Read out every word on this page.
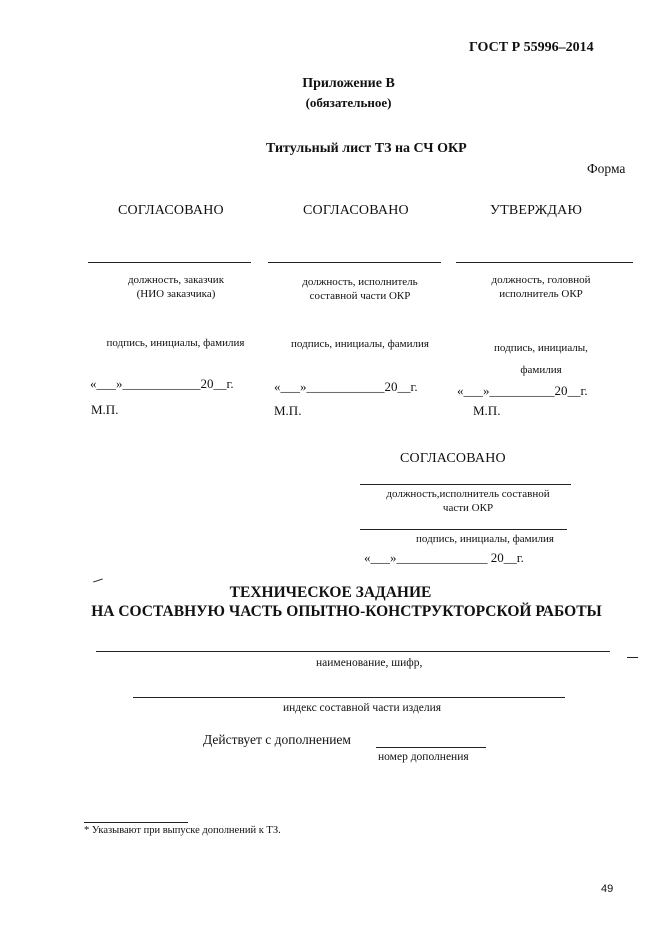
ГОСТ Р 55996–2014
Приложение В
(обязательное)
Титульный лист ТЗ на СЧ ОКР
Форма
СОГЛАСОВАНО
должность, заказчик
(НИО заказчика)
подпись, инициалы, фамилия
«___»____________20__г.
М.П.
СОГЛАСОВАНО
должность, исполнитель
составной части ОКР
подпись, инициалы, фамилия
«___»____________20__г.
М.П.
УТВЕРЖДАЮ
должность, головной
исполнитель ОКР
подпись, инициалы,
фамилия
«___»__________20__г.
М.П.
СОГЛАСОВАНО
должность,исполнитель составной
части ОКР
подпись, инициалы, фамилия
«___»______________ 20__г.
ТЕХНИЧЕСКОЕ ЗАДАНИЕ
НА СОСТАВНУЮ ЧАСТЬ ОПЫТНО-КОНСТРУКТОРСКОЙ РАБОТЫ
наименование, шифр,
индекс составной части изделия
Действует с дополнением
номер дополнения
* Указывают при выпуске дополнений к ТЗ.
49
